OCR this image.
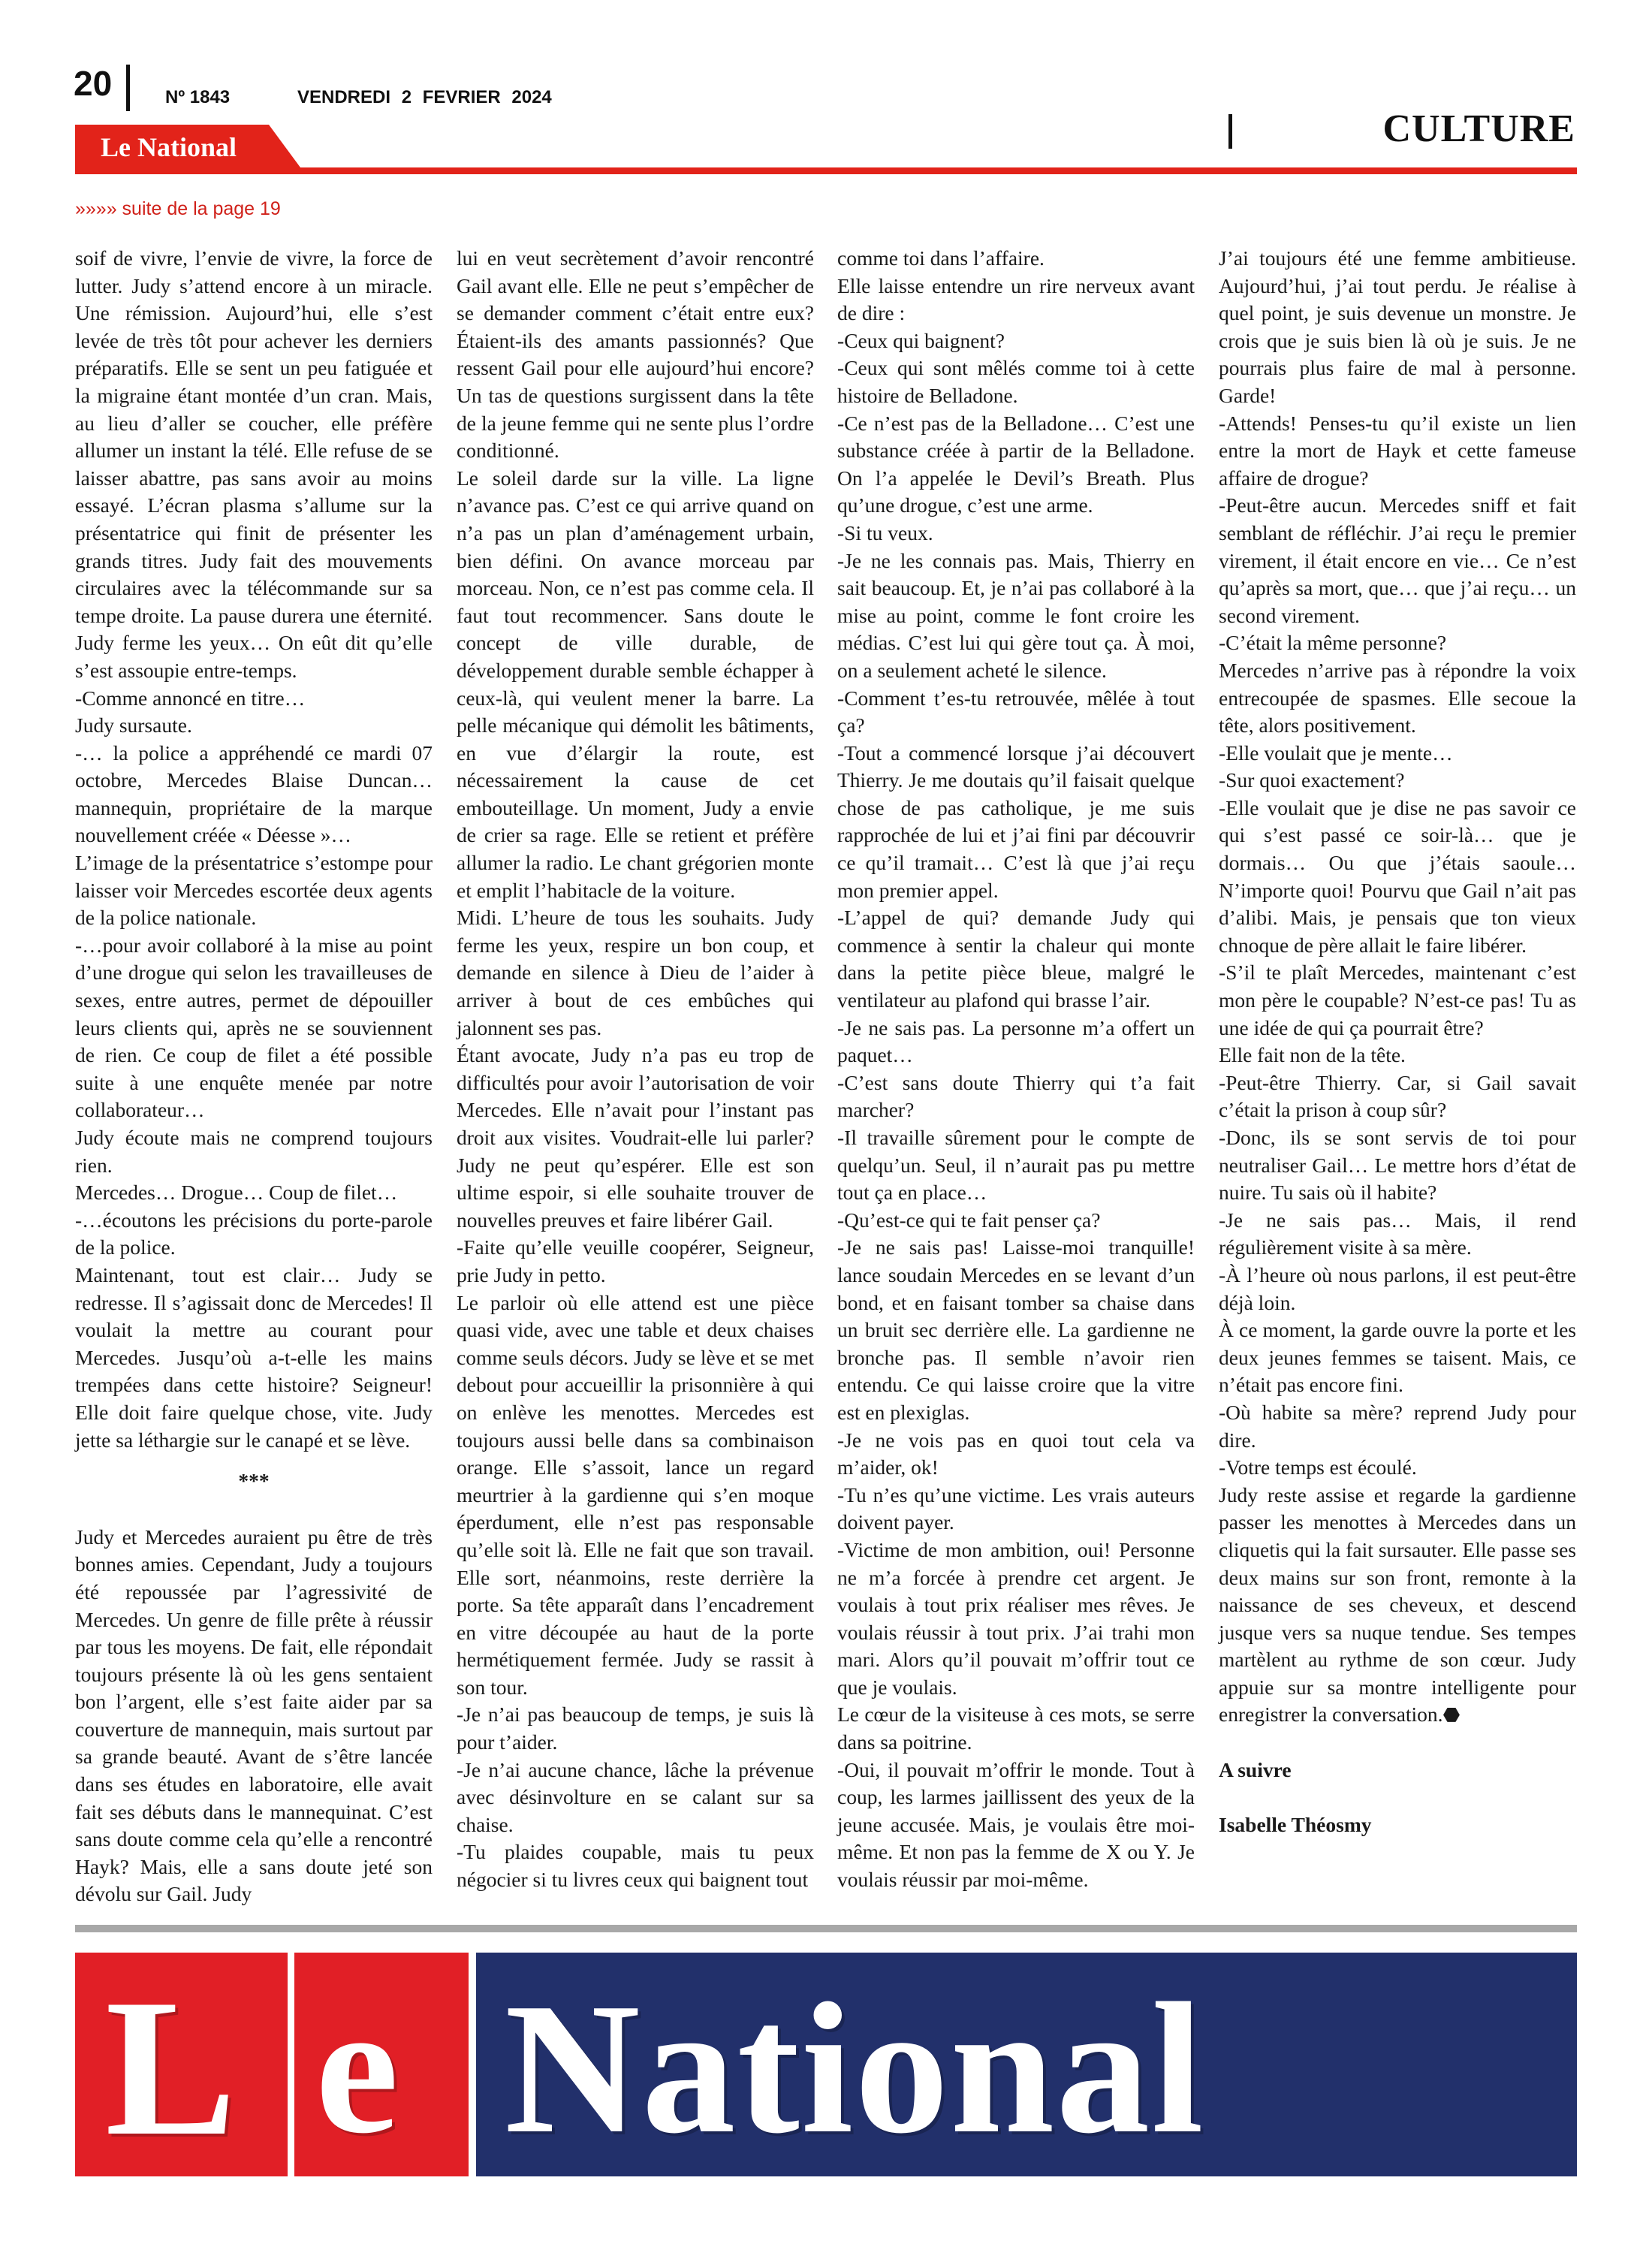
20	Nº 1843	VENDREDI 2 FEVRIER 2024
CULTURE
Le National
»»»» suite de la page 19

soif de vivre, l’envie de vivre, la force de lutter. Judy s’attend encore à un miracle. Une rémission. Aujourd’hui, elle s’est levée de très tôt pour achever les derniers préparatifs. Elle se sent un peu fatiguée et la migraine étant montée d’un cran. Mais, au lieu d’aller se coucher, elle préfère allumer un instant la télé. Elle refuse de se laisser abattre, pas sans avoir au moins essayé. L’écran plasma s’allume sur la présentatrice qui finit de présenter les grands titres. Judy fait des mouvements circulaires avec la télécommande sur sa tempe droite. La pause durera une éternité. Judy ferme les yeux… On eût dit qu’elle s’est assoupie entre-temps.

-Comme annoncé en titre…

Judy sursaute.

-… la police a appréhendé ce mardi 07 octobre, Mercedes Blaise Duncan… mannequin, propriétaire de la marque nouvellement créée « Déesse »…

L’image de la présentatrice s’estompe pour laisser voir Mercedes escortée deux agents de la police nationale.

-…pour avoir collaboré à la mise au point d’une drogue qui selon les travailleuses de sexes, entre autres, permet de dépouiller leurs clients qui, après ne se souviennent de rien. Ce coup de filet a été possible suite à une enquête menée par notre collaborateur…

Judy écoute mais ne comprend toujours rien.

Mercedes… Drogue… Coup de filet…

-…écoutons les précisions du porte-parole de la police.

Maintenant, tout est clair… Judy se redresse. Il s’agissait donc de Mercedes! Il voulait la mettre au courant pour Mercedes. Jusqu’où a-t-elle les mains trempées dans cette histoire? Seigneur! Elle doit faire quelque chose, vite. Judy jette sa léthargie sur le canapé et se lève.

***

Judy et Mercedes auraient pu être de très bonnes amies. Cependant, Judy a toujours été repoussée par l’agressivité de Mercedes. Un genre de fille prête à réussir par tous les moyens. De fait, elle répondait toujours présente là où les gens sentaient bon l’argent, elle s’est faite aider par sa couverture de mannequin, mais surtout par sa grande beauté. Avant de s’être lancée dans ses études en laboratoire, elle avait fait ses débuts dans le mannequinat. C’est sans doute comme cela qu’elle a rencontré Hayk? Mais, elle a sans doute jeté son dévolu sur Gail. Judy

lui en veut secrètement d’avoir rencontré Gail avant elle. Elle ne peut s’empêcher de se demander comment c’était entre eux? Étaient-ils des amants passionnés? Que ressent Gail pour elle aujourd’hui encore? Un tas de questions surgissent dans la tête de la jeune femme qui ne sente plus l’ordre conditionné.

Le soleil darde sur la ville. La ligne n’avance pas. C’est ce qui arrive quand on n’a pas un plan d’aménagement urbain, bien défini. On avance morceau par morceau. Non, ce n’est pas comme cela. Il faut tout recommencer. Sans doute le concept de ville durable, de développement durable semble échapper à ceux-là, qui veulent mener la barre. La pelle mécanique qui démolit les bâtiments, en vue d’élargir la route, est nécessairement la cause de cet embouteillage. Un moment, Judy a envie de crier sa rage. Elle se retient et préfère allumer la radio. Le chant grégorien monte et emplit l’habitacle de la voiture.

Midi. L’heure de tous les souhaits. Judy ferme les yeux, respire un bon coup, et demande en silence à Dieu de l’aider à arriver à bout de ces embûches qui jalonnent ses pas.

Étant avocate, Judy n’a pas eu trop de difficultés pour avoir l’autorisation de voir Mercedes. Elle n’avait pour l’instant pas droit aux visites. Voudrait-elle lui parler? Judy ne peut qu’espérer. Elle est son ultime espoir, si elle souhaite trouver de nouvelles preuves et faire libérer Gail.

-Faite qu’elle veuille coopérer, Seigneur, prie Judy in petto.

Le parloir où elle attend est une pièce quasi vide, avec une table et deux chaises comme seuls décors. Judy se lève et se met debout pour accueillir la prisonnière à qui on enlève les menottes. Mercedes est toujours aussi belle dans sa combinaison orange. Elle s’assoit, lance un regard meurtrier à la gardienne qui s’en moque éperdument, elle n’est pas responsable qu’elle soit là. Elle ne fait que son travail. Elle sort, néanmoins, reste derrière la porte. Sa tête apparaît dans l’encadrement en vitre découpée au haut de la porte hermétiquement fermée. Judy se rassit à son tour.

-Je n’ai pas beaucoup de temps, je suis là pour t’aider.

-Je n’ai aucune chance, lâche la prévenue avec désinvolture en se calant sur sa chaise.

-Tu plaides coupable, mais tu peux négocier si tu livres ceux qui baignent tout

comme toi dans l’affaire.

Elle laisse entendre un rire nerveux avant de dire :

-Ceux qui baignent?

-Ceux qui sont mêlés comme toi à cette histoire de Belladone.

-Ce n’est pas de la Belladone… C’est une substance créée à partir de la Belladone. On l’a appelée le Devil’s Breath. Plus qu’une drogue, c’est une arme.

-Si tu veux.

-Je ne les connais pas. Mais, Thierry en sait beaucoup. Et, je n’ai pas collaboré à la mise au point, comme le font croire les médias. C’est lui qui gère tout ça. À moi, on a seulement acheté le silence.

-Comment t’es-tu retrouvée, mêlée à tout ça?

-Tout a commencé lorsque j’ai découvert Thierry. Je me doutais qu’il faisait quelque chose de pas catholique, je me suis rapprochée de lui et j’ai fini par découvrir ce qu’il tramait… C’est là que j’ai reçu mon premier appel.

-L’appel de qui? demande Judy qui commence à sentir la chaleur qui monte dans la petite pièce bleue, malgré le ventilateur au plafond qui brasse l’air.

-Je ne sais pas. La personne m’a offert un paquet…

-C’est sans doute Thierry qui t’a fait marcher?

-Il travaille sûrement pour le compte de quelqu’un. Seul, il n’aurait pas pu mettre tout ça en place…

-Qu’est-ce qui te fait penser ça?

-Je ne sais pas! Laisse-moi tranquille! lance soudain Mercedes en se levant d’un bond, et en faisant tomber sa chaise dans un bruit sec derrière elle. La gardienne ne bronche pas. Il semble n’avoir rien entendu. Ce qui laisse croire que la vitre est en plexiglas.

-Je ne vois pas en quoi tout cela va m’aider, ok!

-Tu n’es qu’une victime. Les vrais auteurs doivent payer.

-Victime de mon ambition, oui! Personne ne m’a forcée à prendre cet argent. Je voulais à tout prix réaliser mes rêves. Je voulais réussir à tout prix. J’ai trahi mon mari. Alors qu’il pouvait m’offrir tout ce que je voulais.

Le cœur de la visiteuse à ces mots, se serre dans sa poitrine.

-Oui, il pouvait m’offrir le monde. Tout à coup, les larmes jaillissent des yeux de la jeune accusée. Mais, je voulais être moi-même. Et non pas la femme de X ou Y. Je voulais réussir par moi-même.

J’ai toujours été une femme ambitieuse. Aujourd’hui, j’ai tout perdu. Je réalise à quel point, je suis devenue un monstre. Je crois que je suis bien là où je suis. Je ne pourrais plus faire de mal à personne. Garde!

-Attends! Penses-tu qu’il existe un lien entre la mort de Hayk et cette fameuse affaire de drogue?

-Peut-être aucun. Mercedes sniff et fait semblant de réfléchir. J’ai reçu le premier virement, il était encore en vie… Ce n’est qu’après sa mort, que… que j’ai reçu… un second virement.

-C’était la même personne?

Mercedes n’arrive pas à répondre la voix entrecoupée de spasmes. Elle secoue la tête, alors positivement.

-Elle voulait que je mente…

-Sur quoi exactement?

-Elle voulait que je dise ne pas savoir ce qui s’est passé ce soir-là… que je dormais… Ou que j’étais saoule… N’importe quoi! Pourvu que Gail n’ait pas d’alibi. Mais, je pensais que ton vieux chnoque de père allait le faire libérer.

-S’il te plaît Mercedes, maintenant c’est mon père le coupable? N’est-ce pas! Tu as une idée de qui ça pourrait être?

Elle fait non de la tête.

-Peut-être Thierry. Car, si Gail savait c’était la prison à coup sûr?

-Donc, ils se sont servis de toi pour neutraliser Gail… Le mettre hors d’état de nuire. Tu sais où il habite?

-Je ne sais pas… Mais, il rend régulièrement visite à sa mère.

-À l’heure où nous parlons, il est peut-être déjà loin.

À ce moment, la garde ouvre la porte et les deux jeunes femmes se taisent. Mais, ce n’était pas encore fini.

-Où habite sa mère? reprend Judy pour dire.

-Votre temps est écoulé.

Judy reste assise et regarde la gardienne passer les menottes à Mercedes dans un cliquetis qui la fait sursauter. Elle passe ses deux mains sur son front, remonte à la naissance de ses cheveux, et descend jusque vers sa nuque tendue. Ses tempes martèlent au rythme de son cœur. Judy appuie sur sa montre intelligente pour enregistrer la conversation.

⬣

A suivre

Isabelle Théosmy

L e National
